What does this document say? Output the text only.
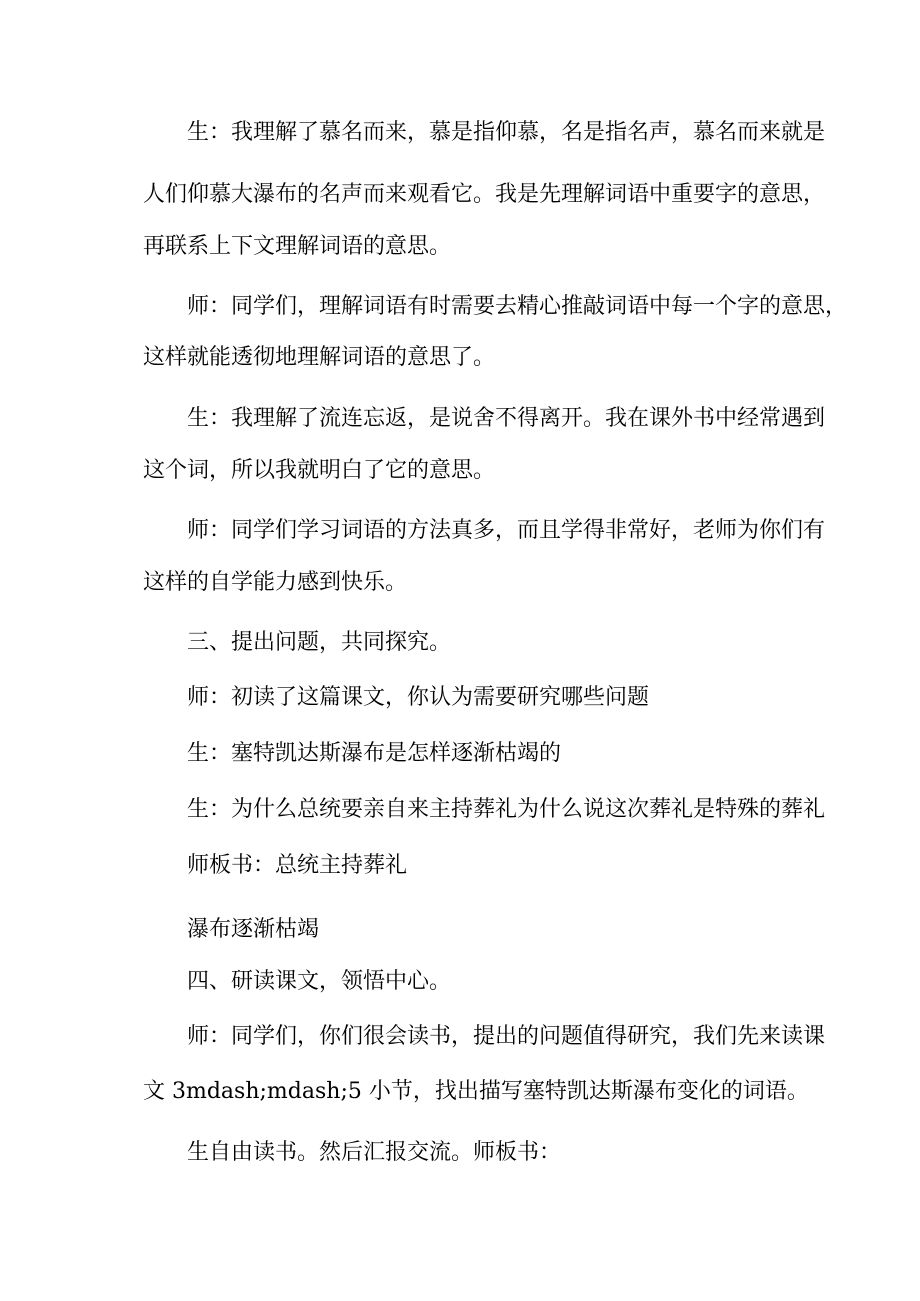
生：我理解了慕名而来，慕是指仰慕，名是指名声，慕名而来就是
人们仰慕大瀑布的名声而来观看它。我是先理解词语中重要字的意思，
再联系上下文理解词语的意思。
师：同学们，理解词语有时需要去精心推敲词语中每一个字的意思，
这样就能透彻地理解词语的意思了。
生：我理解了流连忘返，是说舍不得离开。我在课外书中经常遇到
这个词，所以我就明白了它的意思。
师：同学们学习词语的方法真多，而且学得非常好，老师为你们有
这样的自学能力感到快乐。
三、提出问题，共同探究。
师：初读了这篇课文，你认为需要研究哪些问题
生：塞特凯达斯瀑布是怎样逐渐枯竭的
生：为什么总统要亲自来主持葬礼为什么说这次葬礼是特殊的葬礼
师板书：总统主持葬礼
瀑布逐渐枯竭
四、研读课文，领悟中心。
师：同学们，你们很会读书，提出的问题值得研究，我们先来读课
文 3mdash;mdash;5 小节，找出描写塞特凯达斯瀑布变化的词语。
生自由读书。然后汇报交流。师板书：
